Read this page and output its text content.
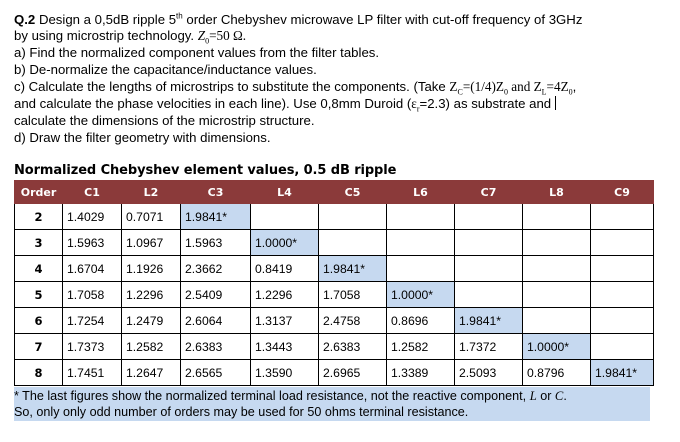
Q.2 Design a 0,5dB ripple 5th order Chebyshev microwave LP filter with cut-off frequency of 3GHz
by using microstrip technology. $Z_0=50$ Ω.
a) Find the normalized component values from the filter tables.
b) De-normalize the capacitance/inductance values.
c) Calculate the lengths of microstrips to substitute the components. (Take $Z_C=(1/4)Z_0$ and $Z_L=4Z_0$,
and calculate the phase velocities in each line). Use 0,8mm Duroid $(\varepsilon_r=2.3)$ as substrate and
calculate the dimensions of the microstrip structure.
d) Draw the filter geometry with dimensions.
Normalized Chebyshev element values, 0.5 dB ripple
Order	C1	L2	C3	L4	C5	L6	C7	L8	C9
2	1.4029	0.7071	1.9841*						
3	1.5963	1.0967	1.5963	1.0000*					
4	1.6704	1.1926	2.3662	0.8419	1.9841*				
5	1.7058	1.2296	2.5409	1.2296	1.7058	1.0000*			
6	1.7254	1.2479	2.6064	1.3137	2.4758	0.8696	1.9841*		
7	1.7373	1.2582	2.6383	1.3443	2.6383	1.2582	1.7372	1.0000*	
8	1.7451	1.2647	2.6565	1.3590	2.6965	1.3389	2.5093	0.8796	1.9841*
* The last figures show the normalized terminal load resistance, not the reactive component, L or C.
So, only only odd number of orders may be used for 50 ohms terminal resistance.
